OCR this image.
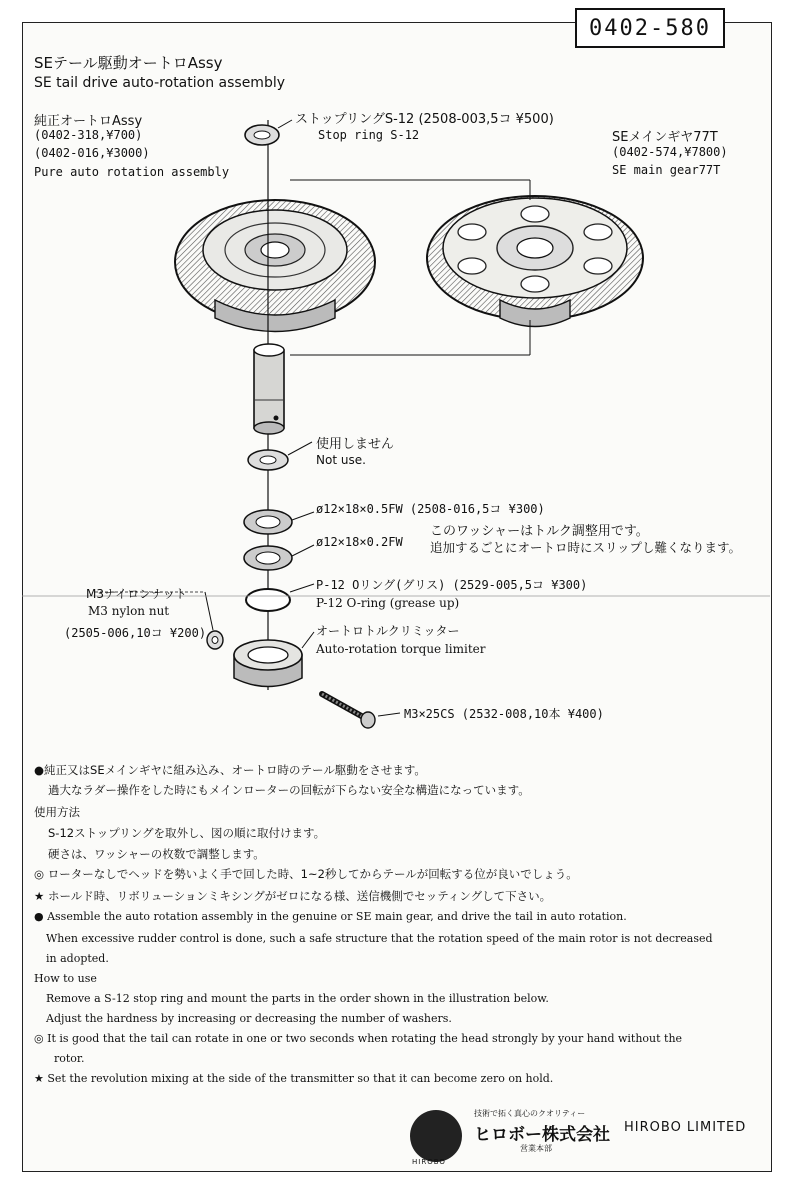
0402-580
SEテール駆動オートロAssy
SE tail drive auto-rotation assembly
純正オートロAssy
(0402-318,¥700)
(0402-016,¥3000)
Pure auto rotation assembly
ストップリングS-12 (2508-003,5コ ¥500)
Stop ring S-12	SEメインギヤ77T
(0402-574,¥7800)
SE main gear77T
使用しません
Not use.
ø12×18×0.5FW (2508-016,5コ ¥300)
ø12×18×0.2FW
このワッシャーはトルク調整用です。
追加するごとにオートロ時にスリップし難くなります。
P-12 Oリング(グリス) (2529-005,5コ ¥300)
P-12 O-ring (grease up)
M3ナイロンナット
M3 nylon nut
(2505-006,10コ ¥200)	オートロトルクリミッター
Auto-rotation torque limiter
M3×25CS (2532-008,10本 ¥400)
●純正又はSEメインギヤに組み込み、オートロ時のテール駆動をさせます。
過大なラダー操作をした時にもメインローターの回転が下らない安全な構造になっています。
使用方法
S-12ストップリングを取外し、図の順に取付けます。
硬さは、ワッシャーの枚数で調整します。
◎ ローターなしでヘッドを勢いよく手で回した時、1~2秒してからテールが回転する位が良いでしょう。
★ ホールド時、リボリューションミキシングがゼロになる様、送信機側でセッティングして下さい。
● Assemble the auto rotation assembly in the genuine or SE main gear, and drive the tail in auto rotation.
When excessive rudder control is done, such a safe structure that the rotation speed of the main rotor is not decreased
in adopted.
How to use
Remove a S-12 stop ring and mount the parts in the order shown in the illustration below.
Adjust the hardness by increasing or decreasing the number of washers.
◎ It is good that the tail can rotate in one or two seconds when rotating the head strongly by your hand without the
rotor.
★ Set the revolution mixing at the side of the transmitter so that it can become zero on hold.
HIROBO
技術で拓く真心のクオリティー
ヒロボー株式会社
営業本部
HIROBO LIMITED
